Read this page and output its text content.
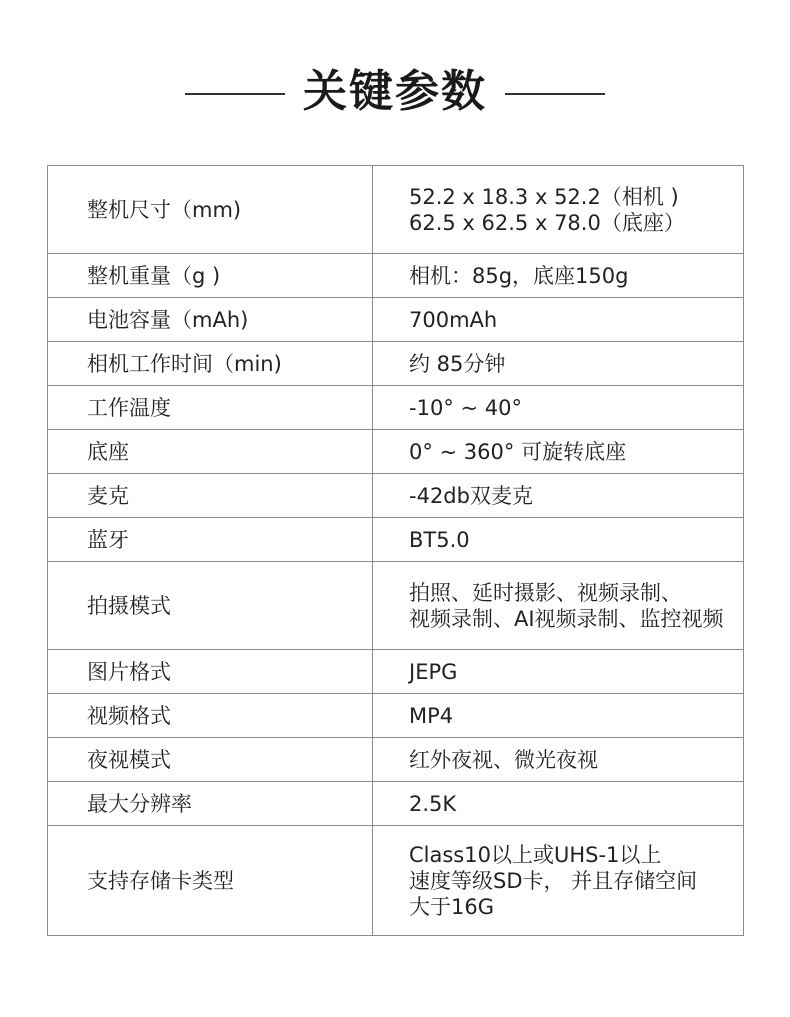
关键参数
整机尺寸（mm)	52.2 x 18.3 x 52.2（相机 )
62.5 x 62.5 x 78.0（底座）

整机重量（g )	相机：85g，底座150g

电池容量（mAh)	700mAh

相机工作时间（min)	约 85分钟

工作温度	-10° ~ 40°

底座	0° ~ 360° 可旋转底座

麦克	-42db双麦克

蓝牙	BT5.0

拍摄模式	拍照、延时摄影、视频录制、
视频录制、AI视频录制、监控视频

图片格式	JEPG

视频格式	MP4

夜视模式	红外夜视、微光夜视

最大分辨率	2.5K

支持存储卡类型	Class10以上或UHS-1以上
速度等级SD卡， 并且存储空间
大于16G
